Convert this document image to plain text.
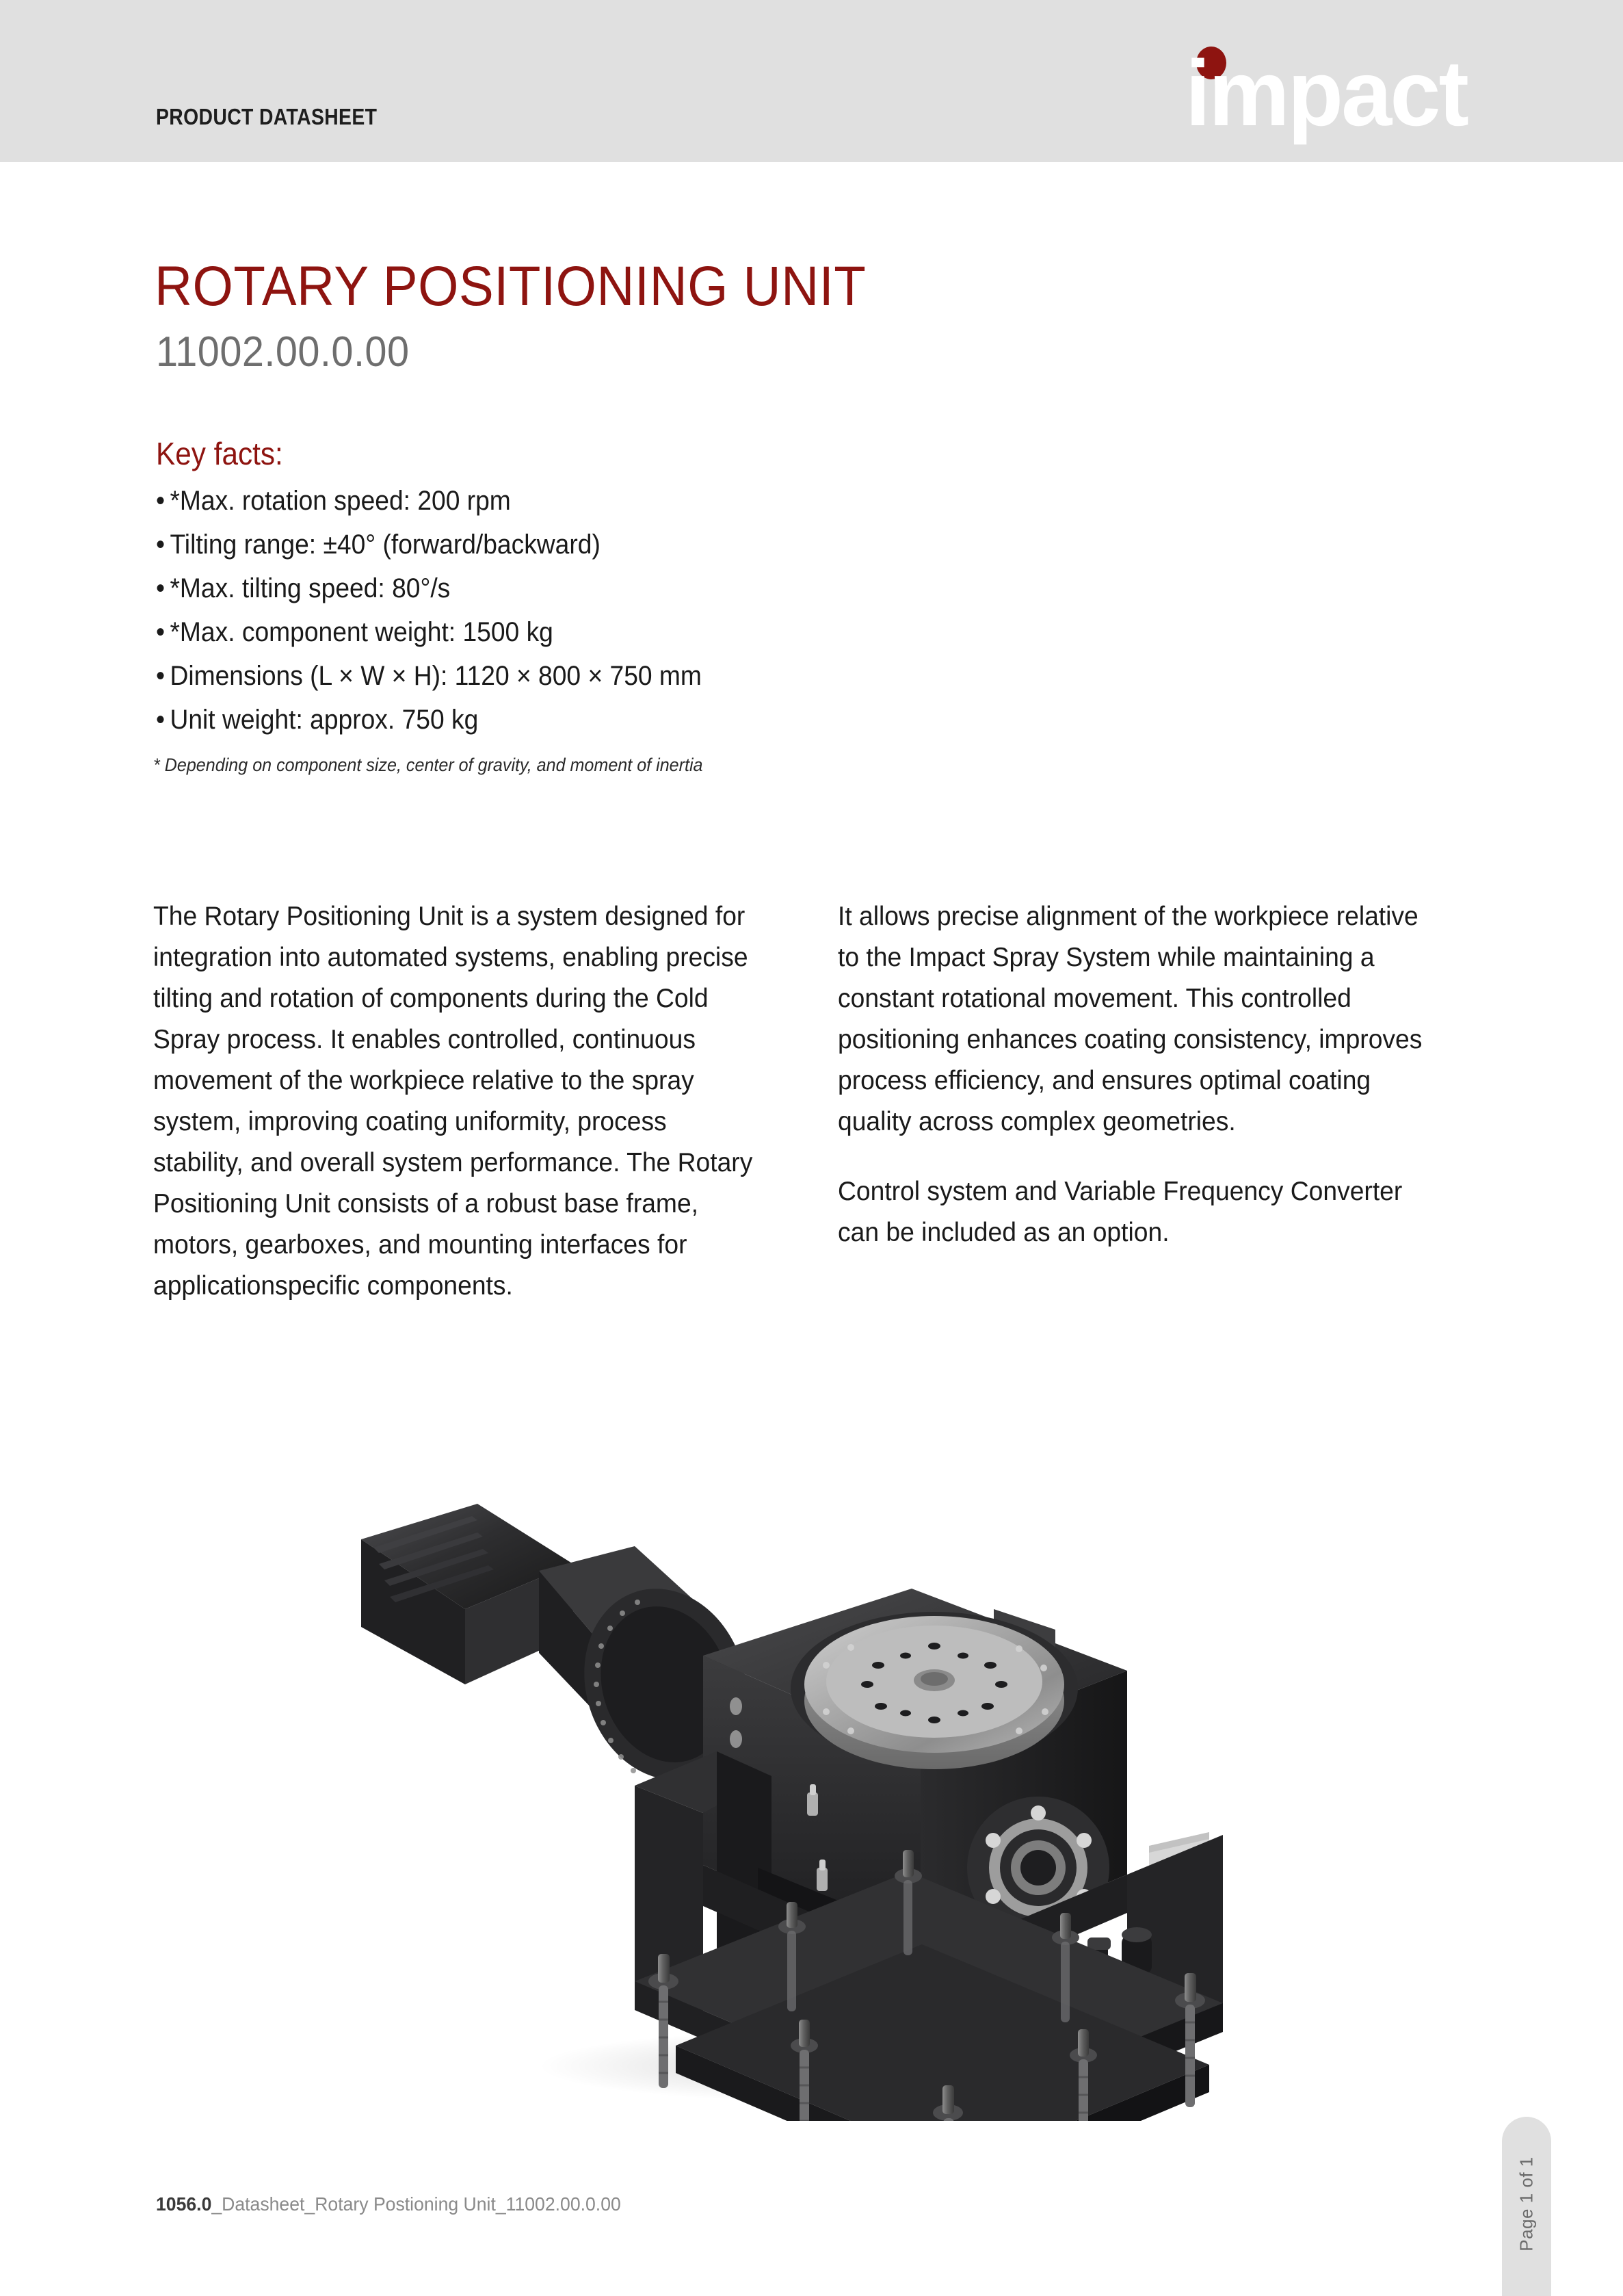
PRODUCT DATASHEET	impact
ROTARY POSITIONING UNIT
11002.00.0.00
Key facts:
• *Max. rotation speed: 200 rpm
• Tilting range: ±40° (forward/backward)
• *Max. tilting speed: 80°/s
• *Max. component weight: 1500 kg
• Dimensions (L × W × H): 1120 × 800 × 750 mm
• Unit weight: approx. 750 kg
* Depending on component size, center of gravity, and moment of inertia

The Rotary Positioning Unit is a system designed for integration into automated systems, enabling precise tilting and rotation of components during the Cold Spray process. It enables controlled, continuous movement of the workpiece relative to the spray system, improving coating uniformity, process stability, and overall system performance. The Rotary Positioning Unit consists of a robust base frame, motors, gearboxes, and mounting interfaces for applicationspecific components.

It allows precise alignment of the workpiece relative to the Impact Spray System while maintaining a constant rotational movement. This controlled positioning enhances coating consistency, improves process efficiency, and ensures optimal coating quality across complex geometries.

Control system and Variable Frequency Converter can be included as an option.

1056.0_Datasheet_Rotary Postioning Unit_11002.00.0.00	Page 1 of 1
